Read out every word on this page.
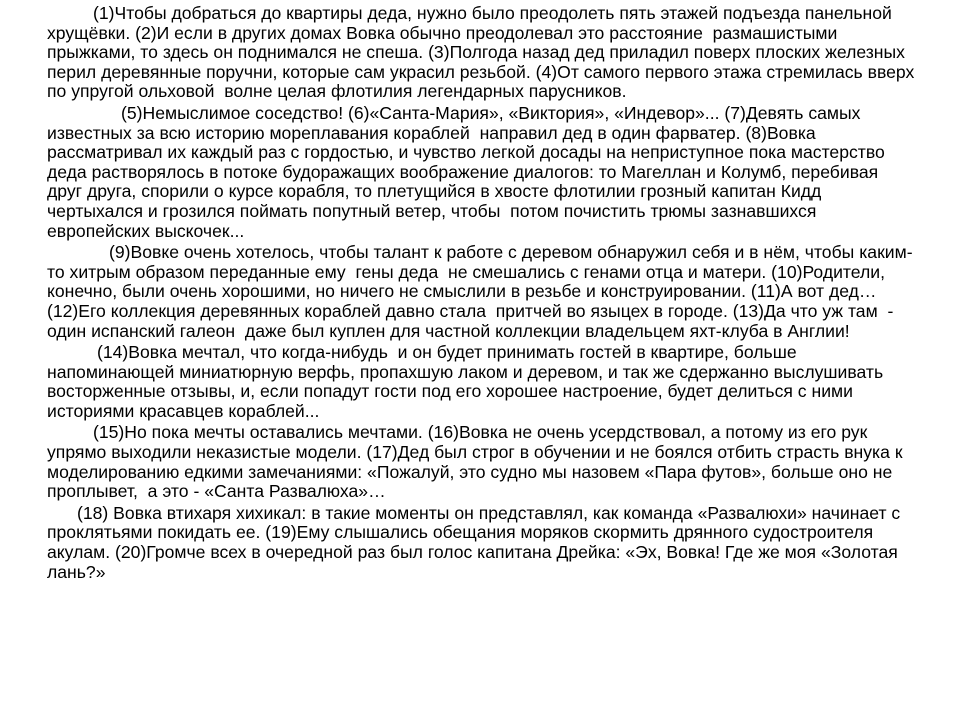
(1)Чтобы добраться до квартиры деда, нужно было преодолеть пять этажей подъезда панельной хрущёвки. (2)И если в других домах Вовка обычно преодолевал это расстояние  размашистыми  прыжками, то здесь он поднимался не спеша. (3)Полгода назад дед приладил поверх плоских железных перил деревянные поручни, которые сам украсил резьбой. (4)От самого первого этажа стремилась вверх по упругой ольховой  волне целая флотилия легендарных парусников.

(5)Немыслимое соседство! (6)«Санта-Мария», «Виктория», «Индевор»... (7)Девять самых известных за всю историю мореплавания кораблей  направил дед в один фарватер. (8)Вовка рассматривал их каждый раз с гордостью, и чувство легкой досады на неприступное пока мастерство деда растворялось в потоке будоражащих воображение диалогов: то Магеллан и Колумб, перебивая друг друга, спорили о курсе корабля, то плетущийся в хвосте флотилии грозный капитан Кидд чертыхался и грозился поймать попутный ветер, чтобы  потом почистить трюмы зазнавшихся европейских выскочек...

(9)Вовке очень хотелось, чтобы талант к работе с деревом обнаружил себя и в нём, чтобы каким-то хитрым образом переданные ему  гены деда  не смешались с генами отца и матери. (10)Родители, конечно, были очень хорошими, но ничего не смыслили в резьбе и конструировании. (11)А вот дед… (12)Его коллекция деревянных кораблей давно стала  притчей во языцех в городе. (13)Да что уж там  - один испанский галеон  даже был куплен для частной коллекции владельцем яхт-клуба в Англии!

(14)Вовка мечтал, что когда-нибудь  и он будет принимать гостей в квартире, больше напоминающей миниатюрную верфь, пропахшую лаком и деревом, и так же сдержанно выслушивать восторженные отзывы, и, если попадут гости под его хорошее настроение, будет делиться с ними историями красавцев кораблей...

(15)Но пока мечты оставались мечтами. (16)Вовка не очень усердствовал, а потому из его рук упрямо выходили неказистые модели. (17)Дед был строг в обучении и не боялся отбить страсть внука к моделированию едкими замечаниями: «Пожалуй, это судно мы назовем «Пара футов», больше оно не проплывет,  а это - «Санта Развалюха»…

(18) Вовка втихаря хихикал: в такие моменты он представлял, как команда «Развалюхи» начинает с проклятьями покидать ее. (19)Ему слышались обещания моряков скормить дрянного судостроителя акулам. (20)Громче всех в очередной раз был голос капитана Дрейка: «Эх, Вовка! Где же моя «Золотая лань?»
